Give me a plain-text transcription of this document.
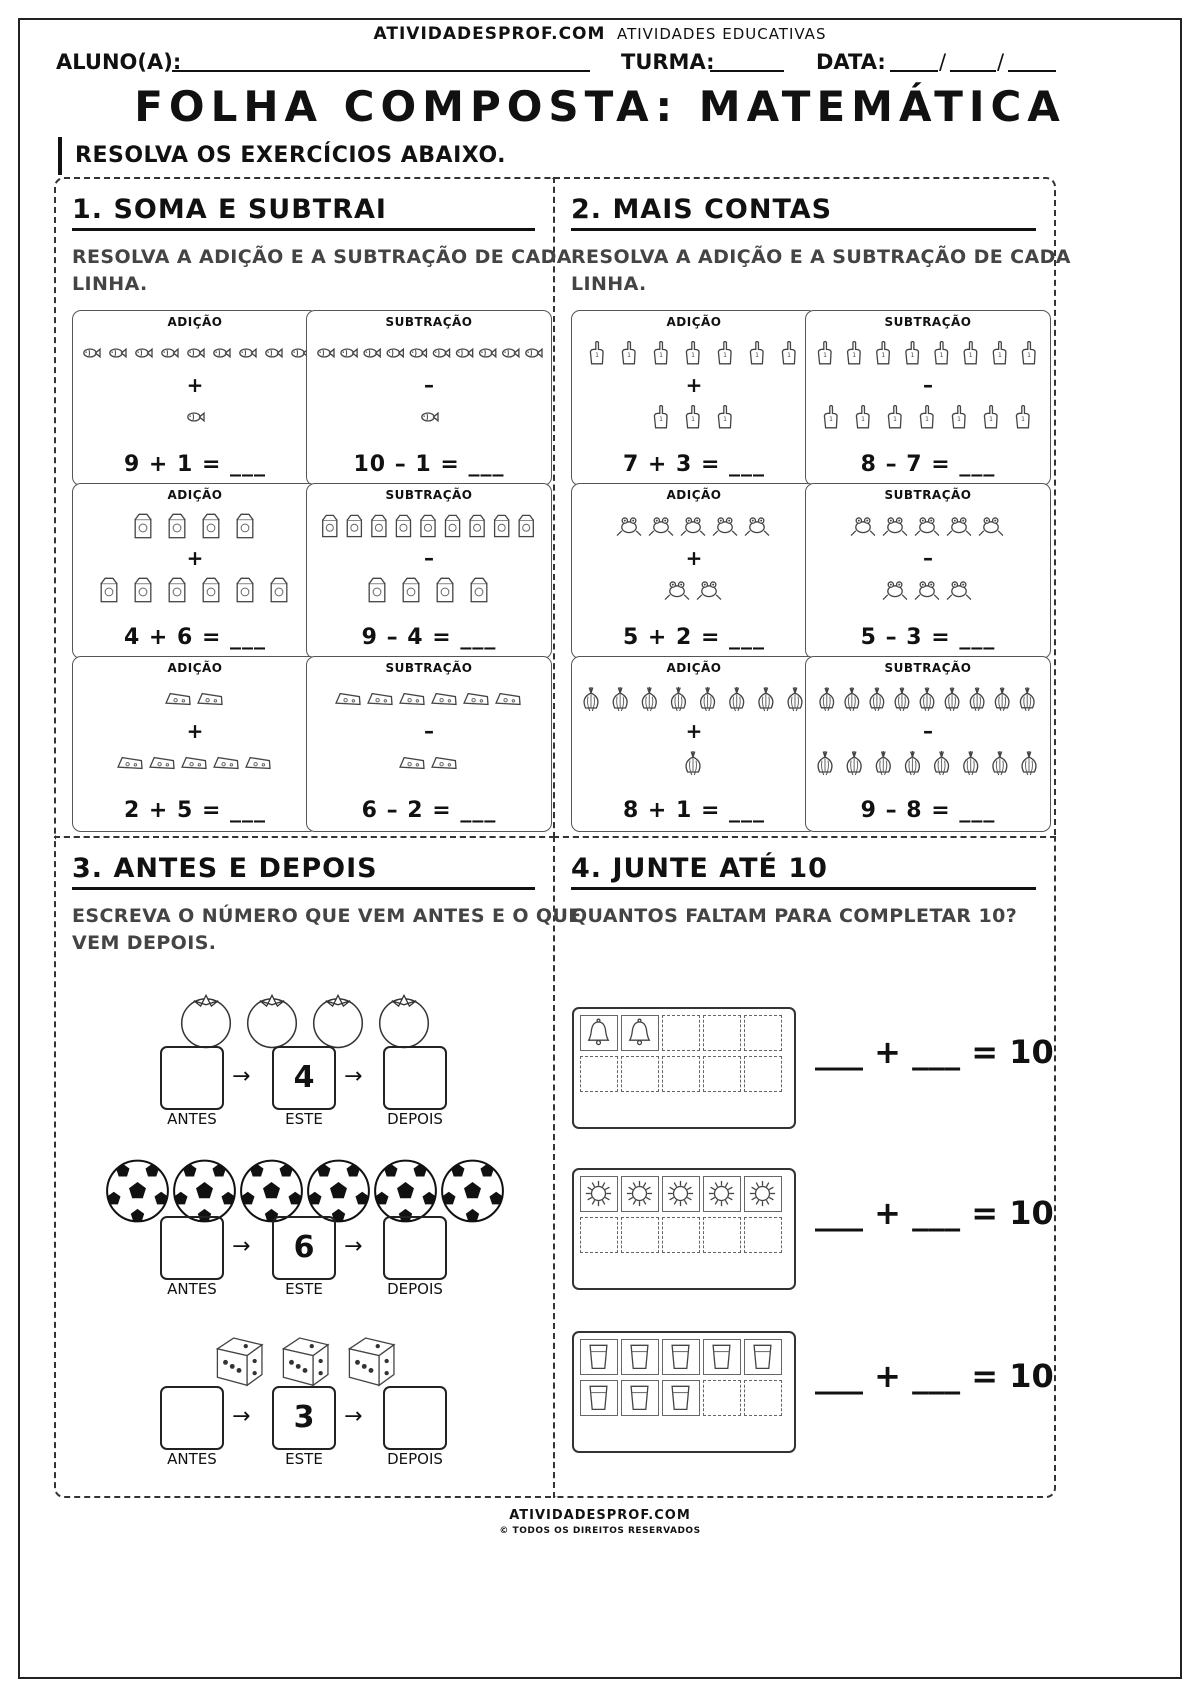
ATIVIDADESPROF.COM ATIVIDADES EDUCATIVAS
ALUNO(A):	TURMA:	DATA:	/ /
FOLHA COMPOSTA: MATEMÁTICA
RESOLVA OS EXERCÍCIOS ABAIXO.
1. SOMA E SUBTRAI
RESOLVA A ADIÇÃO E A SUBTRAÇÃO DE CADA
LINHA.
ADIÇÃO
+
9 + 1 = ___
SUBTRAÇÃO
–
10 – 1 = ___
ADIÇÃO
+
4 + 6 = ___
SUBTRAÇÃO
–
9 – 4 = ___
ADIÇÃO
+
2 + 5 = ___
SUBTRAÇÃO
–
6 – 2 = ___
2. MAIS CONTAS
RESOLVA A ADIÇÃO E A SUBTRAÇÃO DE CADA
LINHA.
ADIÇÃO
1	1	1	1	1	1	1
1	1	1
+
7 + 3 = ___
SUBTRAÇÃO
1	1	1	1	1	1	1	1
1	1	1	1	1	1	1
–
8 – 7 = ___
ADIÇÃO
+
5 + 2 = ___
SUBTRAÇÃO
–
5 – 3 = ___
ADIÇÃO
+
8 + 1 = ___
SUBTRAÇÃO
–
9 – 8 = ___
3. ANTES E DEPOIS
ESCREVA O NÚMERO QUE VEM ANTES E O QUE
VEM DEPOIS.
→	4	→
ANTES	ESTE	DEPOIS
→	6	→
ANTES	ESTE	DEPOIS
→	3	→
ANTES	ESTE	DEPOIS
4. JUNTE ATÉ 10
QUANTOS FALTAM PARA COMPLETAR 10?
___ + ___ = 10
___ + ___ = 10
___ + ___ = 10
ATIVIDADESPROF.COM
© TODOS OS DIREITOS RESERVADOS
